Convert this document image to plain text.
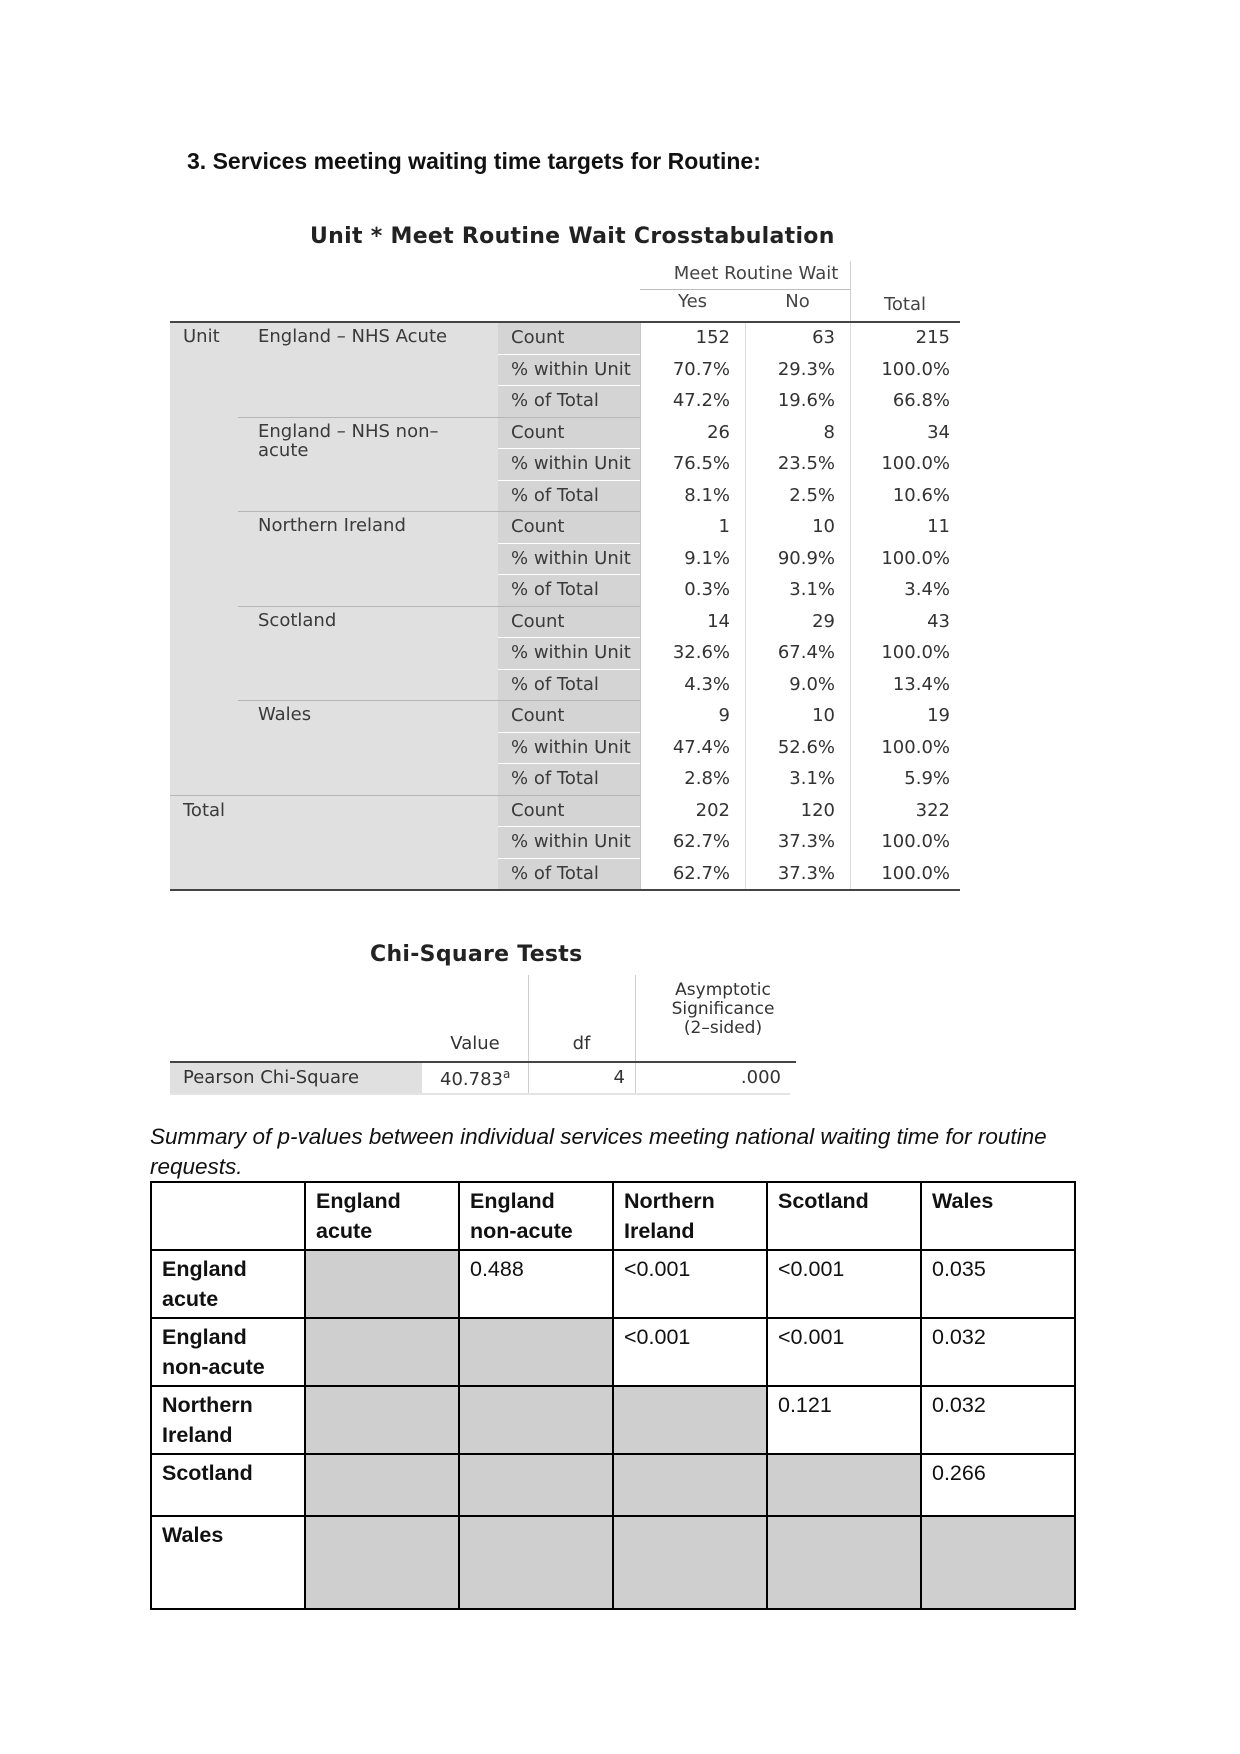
3. Services meeting waiting time targets for Routine:
Unit * Meet Routine Wait Crosstabulation
Meet Routine Wait
Yes	No	Total
Unit England – NHS Acute	Count	152	63	215
% within Unit	70.7%	29.3%	100.0%
% of Total	47.2%	19.6%	66.8%
England – NHS non–
acute
Count	26	8	34
% within Unit	76.5%	23.5%	100.0%
% of Total	8.1%	2.5%	10.6%
Northern Ireland	Count	1	10	11
% within Unit	9.1%	90.9%	100.0%
% of Total	0.3%	3.1%	3.4%
Scotland	Count	14	29	43
% within Unit	32.6%	67.4%	100.0%
% of Total	4.3%	9.0%	13.4%
Wales	Count	9	10	19
% within Unit	47.4%	52.6%	100.0%
% of Total	2.8%	3.1%	5.9%
Total	Count	202	120	322
% within Unit	62.7%	37.3%	100.0%
% of Total	62.7%	37.3%	100.0%
Chi-Square Tests
Asymptotic
Significance
(2–sided)
Value	df
Pearson Chi-Square	40.783$^a$	4	.000
Summary of p-values between individual services meeting national waiting time for routine requests.
	England acute	England non-acute	Northern Ireland	Scotland	Wales
England acute		0.488	<0.001	<0.001	0.035
England non-acute			<0.001	<0.001	0.032
Northern Ireland				0.121	0.032
Scotland					0.266
Wales					
